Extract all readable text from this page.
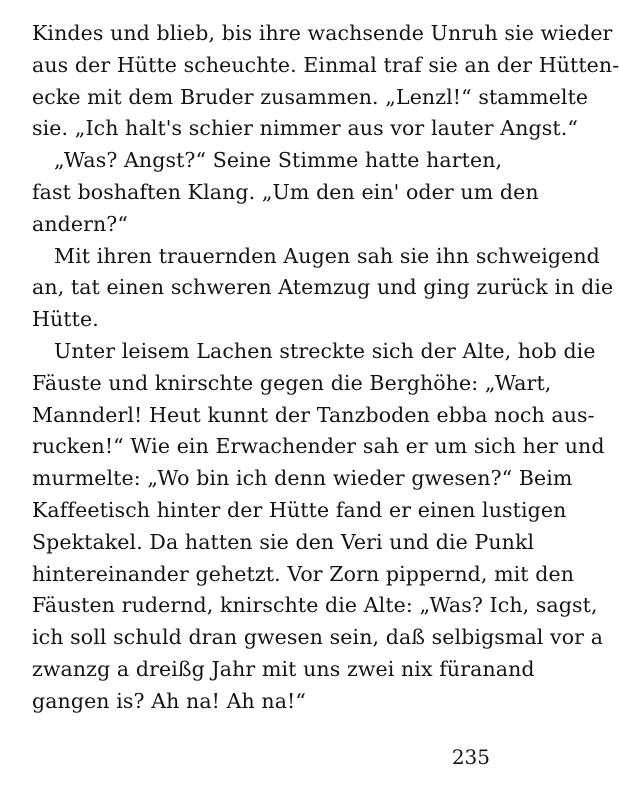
Kindes und blieb, bis ihre wachsende Unruh sie wieder
aus der Hütte scheuchte. Einmal traf sie an der Hütten-
ecke mit dem Bruder zusammen. „Lenzl!“ stammelte
sie. „Ich halt's schier nimmer aus vor lauter Angst.“
„Was? Angst?“ Seine Stimme hatte harten,
fast boshaften Klang. „Um den ein' oder um den
andern?“
Mit ihren trauernden Augen sah sie ihn schweigend
an, tat einen schweren Atemzug und ging zurück in die
Hütte.
Unter leisem Lachen streckte sich der Alte, hob die
Fäuste und knirschte gegen die Berghöhe: „Wart,
Mannderl! Heut kunnt der Tanzboden ebba noch aus-
rucken!“ Wie ein Erwachender sah er um sich her und
murmelte: „Wo bin ich denn wieder gwesen?“ Beim
Kaffeetisch hinter der Hütte fand er einen lustigen
Spektakel. Da hatten sie den Veri und die Punkl
hintereinander gehetzt. Vor Zorn pippernd, mit den
Fäusten rudernd, knirschte die Alte: „Was? Ich, sagst,
ich soll schuld dran gwesen sein, daß selbigsmal vor a
zwanzg a dreißg Jahr mit uns zwei nix füranand
gangen is? Ah na! Ah na!“
235
